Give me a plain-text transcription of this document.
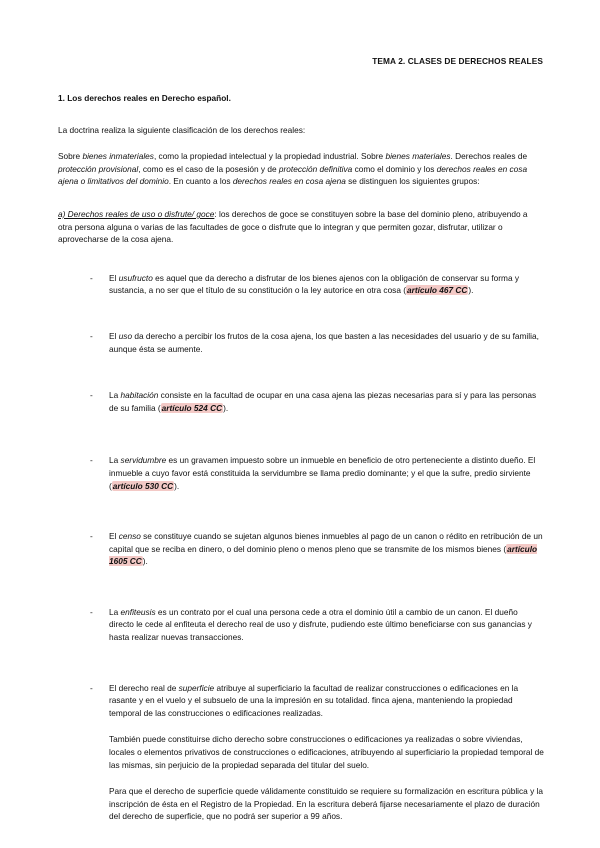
TEMA 2. CLASES DE DERECHOS REALES

1. Los derechos reales en Derecho español.

La doctrina realiza la siguiente clasificación de los derechos reales:

Sobre bienes inmateriales, como la propiedad intelectual y la propiedad industrial. Sobre bienes materiales. Derechos reales de protección provisional, como es el caso de la posesión y de protección definitiva como el dominio y los derechos reales en cosa ajena o limitativos del dominio. En cuanto a los derechos reales en cosa ajena se distinguen los siguientes grupos:

a) Derechos reales de uso o disfrute/ goce: los derechos de goce se constituyen sobre la base del dominio pleno, atribuyendo a otra persona alguna o varias de las facultades de goce o disfrute que lo integran y que permiten gozar, disfrutar, utilizar o aprovecharse de la cosa ajena.

- El usufructo es aquel que da derecho a disfrutar de los bienes ajenos con la obligación de conservar su forma y sustancia, a no ser que el título de su constitución o la ley autorice en otra cosa (artículo 467 CC).

- El uso da derecho a percibir los frutos de la cosa ajena, los que basten a las necesidades del usuario y de su familia, aunque ésta se aumente.

- La habitación consiste en la facultad de ocupar en una casa ajena las piezas necesarias para sí y para las personas de su familia (artículo 524 CC).

- La servidumbre es un gravamen impuesto sobre un inmueble en beneficio de otro perteneciente a distinto dueño. El inmueble a cuyo favor está constituida la servidumbre se llama predio dominante; y el que la sufre, predio sirviente (artículo 530 CC).

- El censo se constituye cuando se sujetan algunos bienes inmuebles al pago de un canon o rédito en retribución de un capital que se reciba en dinero, o del dominio pleno o menos pleno que se transmite de los mismos bienes (artículo 1605 CC).

- La enfiteusis es un contrato por el cual una persona cede a otra el dominio útil a cambio de un canon. El dueño directo le cede al enfiteuta el derecho real de uso y disfrute, pudiendo este último beneficiarse con sus ganancias y hasta realizar nuevas transacciones.

- El derecho real de superficie atribuye al superficiario la facultad de realizar construcciones o edificaciones en la rasante y en el vuelo y el subsuelo de una la impresión en su totalidad. finca ajena, manteniendo la propiedad temporal de las construcciones o edificaciones realizadas.

También puede constituirse dicho derecho sobre construcciones o edificaciones ya realizadas o sobre viviendas, locales o elementos privativos de construcciones o edificaciones, atribuyendo al superficiario la propiedad temporal de las mismas, sin perjuicio de la propiedad separada del titular del suelo.

Para que el derecho de superficie quede válidamente constituido se requiere su formalización en escritura pública y la inscripción de ésta en el Registro de la Propiedad. En la escritura deberá fijarse necesariamente el plazo de duración del derecho de superficie, que no podrá ser superior a 99 años.
